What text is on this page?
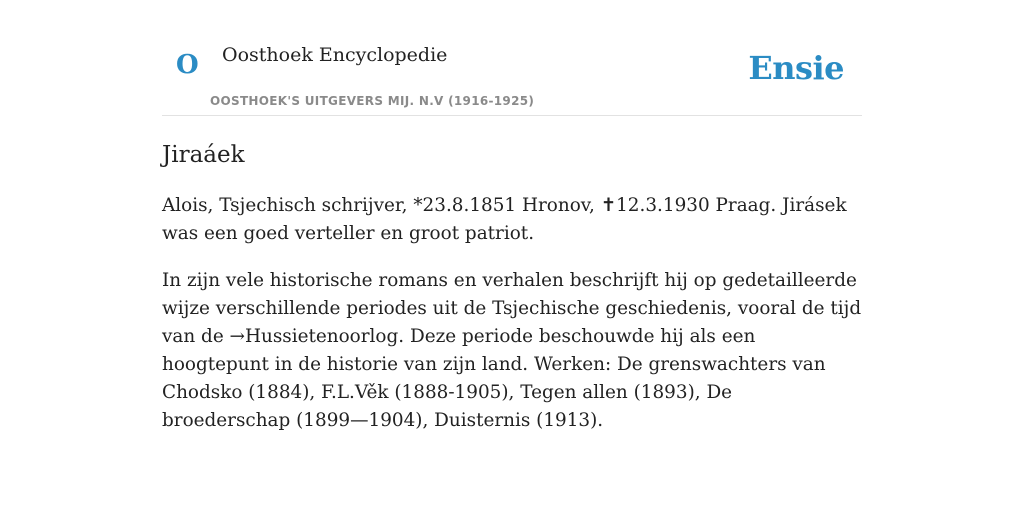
O Oosthoek Encyclopedie
OOSTHOEK'S UITGEVERS MIJ. N.V (1916-1925)
Ensie
Jiraáek

Alois, Tsjechisch schrijver, *23.8.1851 Hronov, ✝12.3.1930 Praag. Jirásek was een goed verteller en groot patriot.

In zijn vele historische romans en verhalen beschrijft hij op gedetailleerde wijze verschillende periodes uit de Tsjechische geschiedenis, vooral de tijd van de →Hussietenoorlog. Deze periode beschouwde hij als een hoogtepunt in de historie van zijn land. Werken: De grenswachters van Chodsko (1884), F.L.Věk (1888-1905), Tegen allen (1893), De broederschap (1899—1904), Duisternis (1913).
